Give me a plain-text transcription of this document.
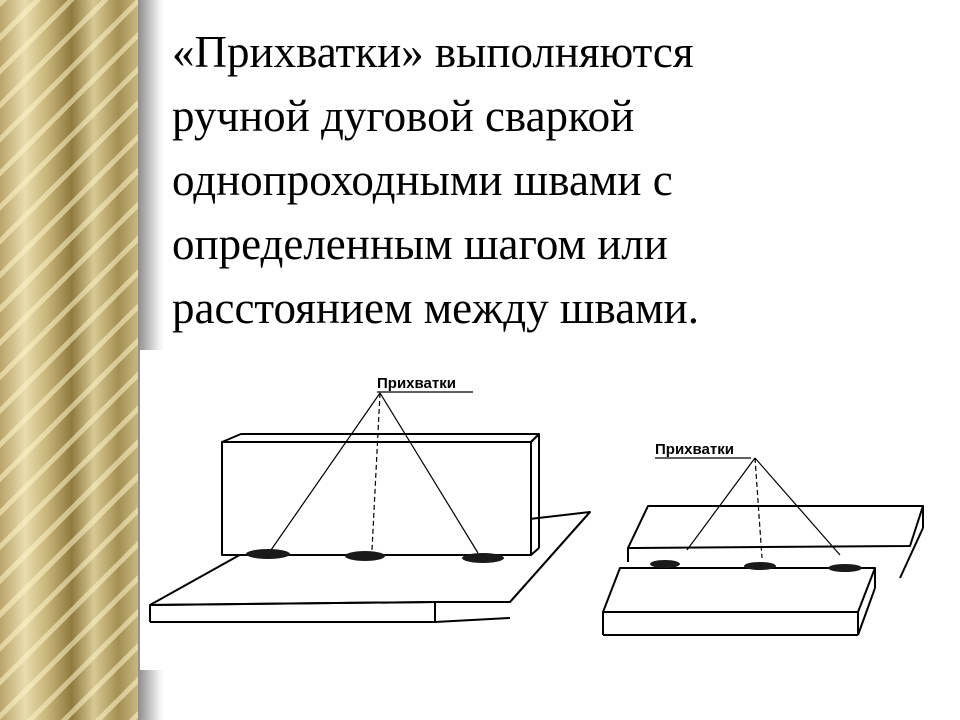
«Прихватки» выполняются
ручной дуговой сваркой
однопроходными швами с
определенным шагом или
расстоянием между швами.

Прихватки
Прихватки
